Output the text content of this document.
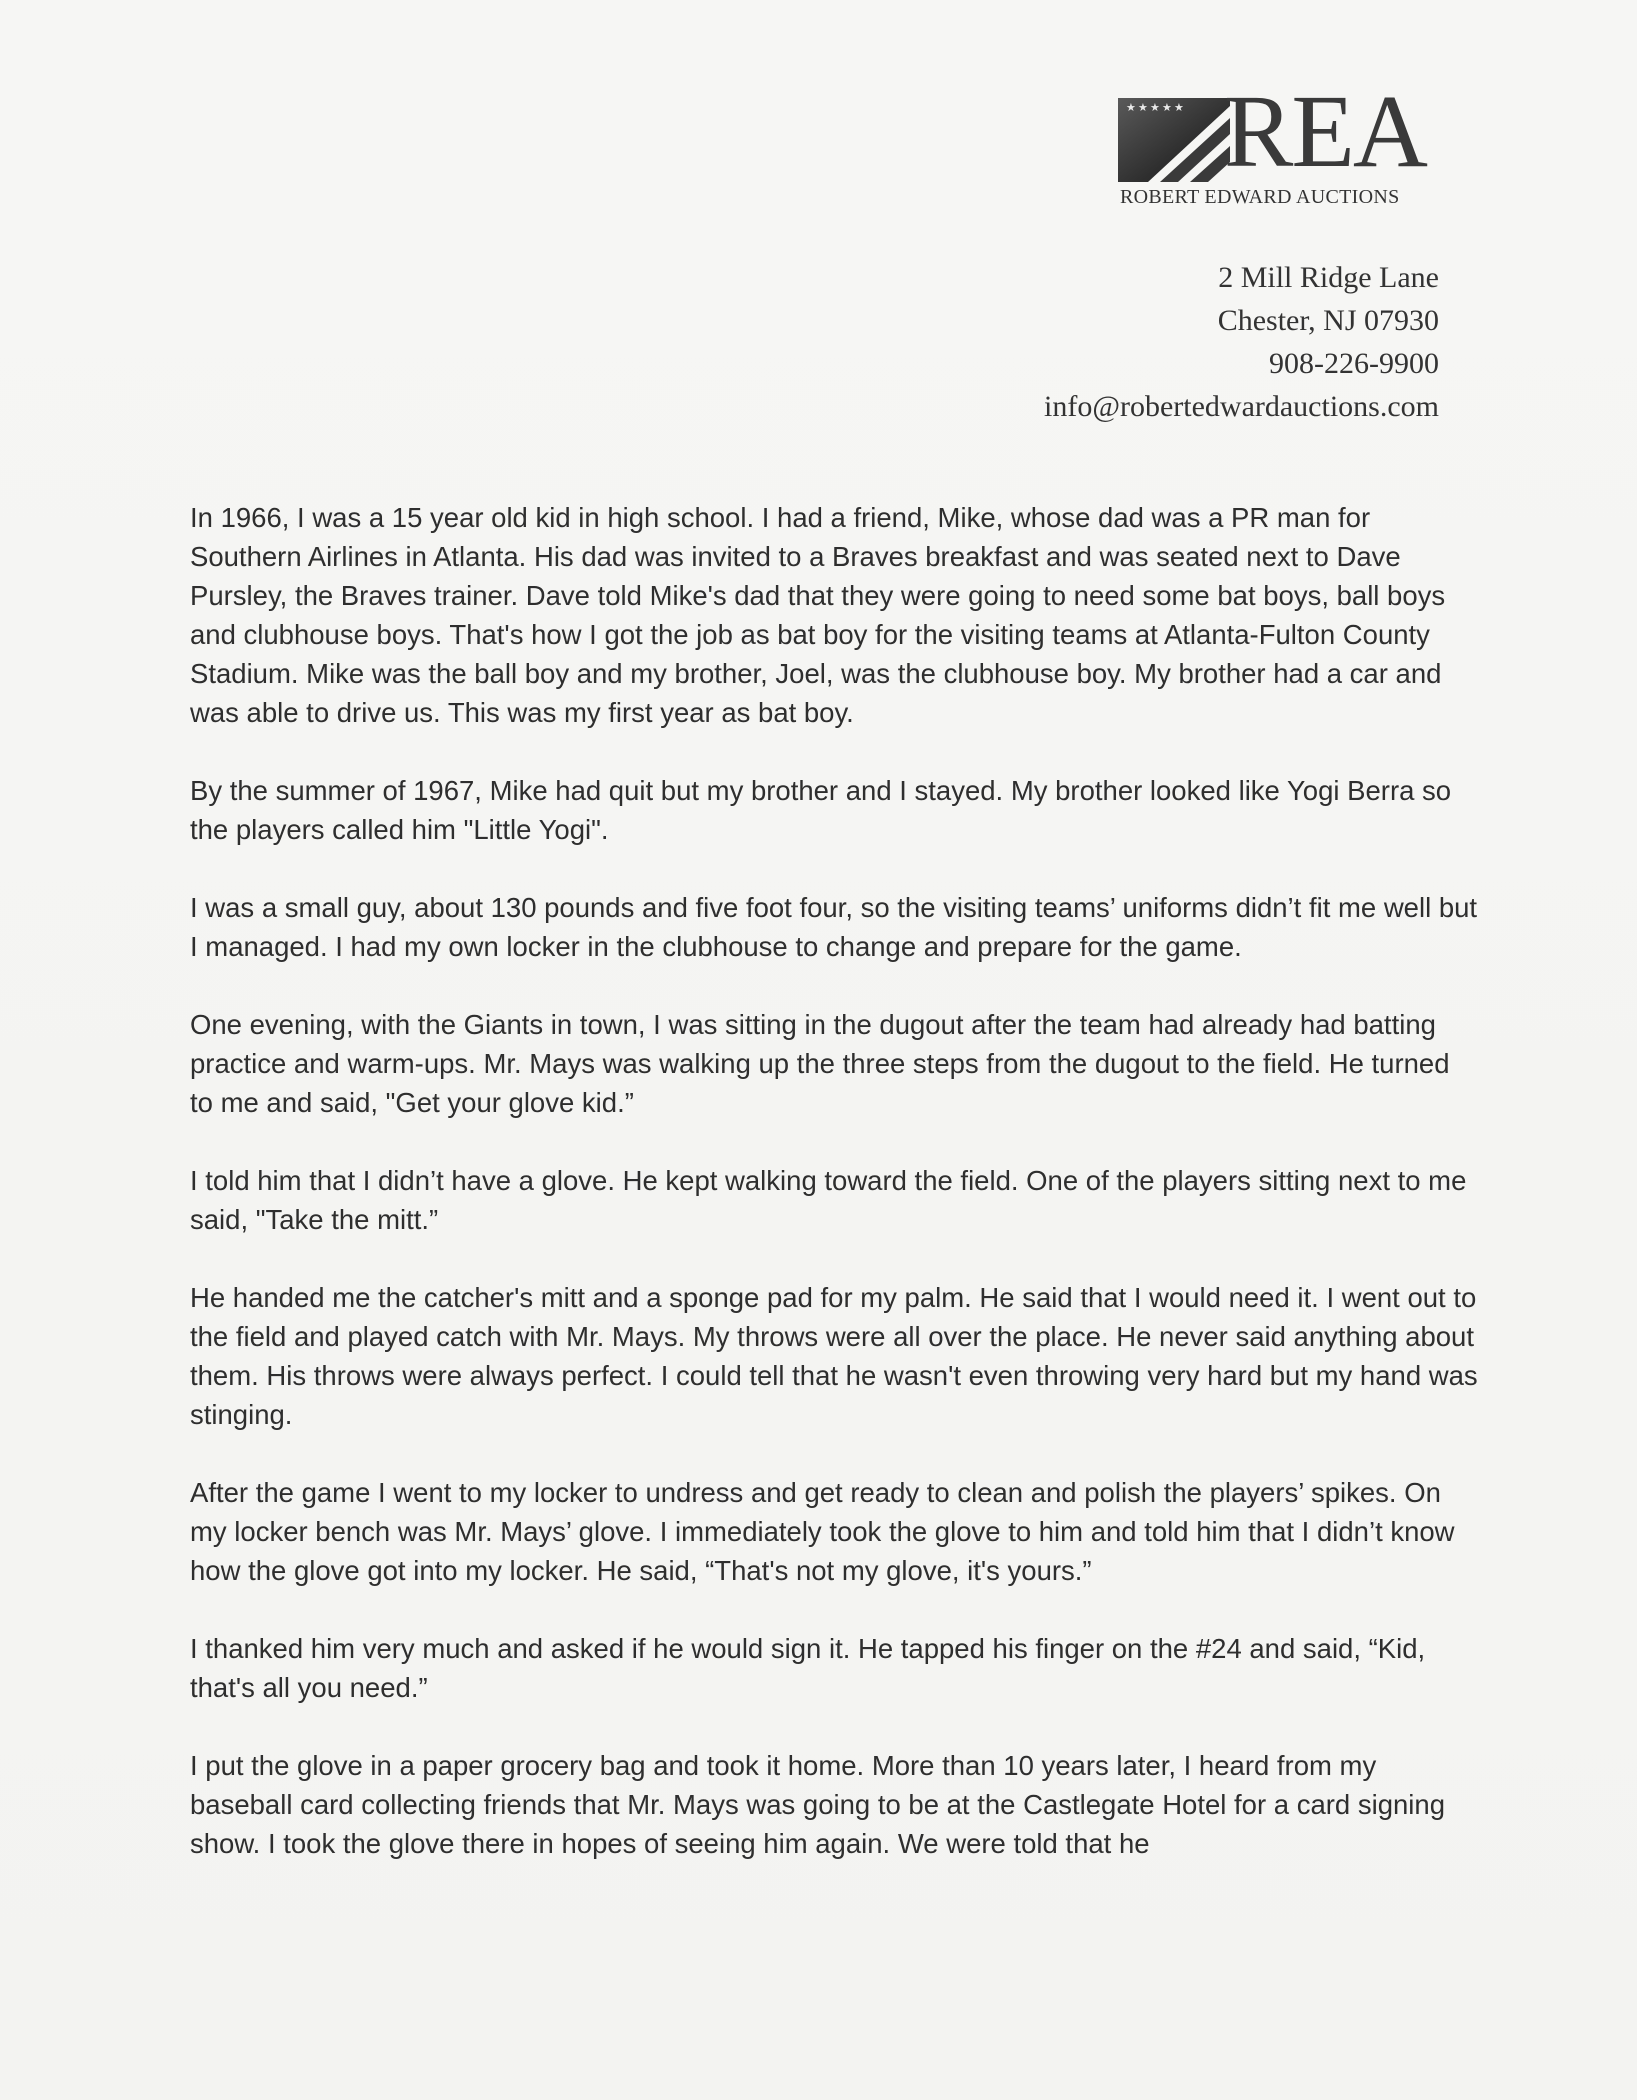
★ ★ ★ ★ ★ REA
ROBERT EDWARD AUCTIONS
2 Mill Ridge Lane
Chester, NJ 07930
908-226-9900
info@robertedwardauctions.com

In 1966, I was a 15 year old kid in high school. I had a friend, Mike, whose dad was a PR man for Southern Airlines in Atlanta. His dad was invited to a Braves breakfast and was seated next to Dave Pursley, the Braves trainer. Dave told Mike's dad that they were going to need some bat boys, ball boys and clubhouse boys. That's how I got the job as bat boy for the visiting teams at Atlanta-Fulton County Stadium. Mike was the ball boy and my brother, Joel, was the clubhouse boy. My brother had a car and was able to drive us. This was my first year as bat boy.

By the summer of 1967, Mike had quit but my brother and I stayed. My brother looked like Yogi Berra so the players called him "Little Yogi".

I was a small guy, about 130 pounds and five foot four, so the visiting teams’ uniforms didn’t fit me well but I managed. I had my own locker in the clubhouse to change and prepare for the game.

One evening, with the Giants in town, I was sitting in the dugout after the team had already had batting practice and warm-ups. Mr. Mays was walking up the three steps from the dugout to the field. He turned to me and said, "Get your glove kid.”

I told him that I didn’t have a glove. He kept walking toward the field. One of the players sitting next to me said, "Take the mitt.”

He handed me the catcher's mitt and a sponge pad for my palm. He said that I would need it. I went out to the field and played catch with Mr. Mays. My throws were all over the place. He never said anything about them. His throws were always perfect. I could tell that he wasn't even throwing very hard but my hand was stinging.

After the game I went to my locker to undress and get ready to clean and polish the players’ spikes. On my locker bench was Mr. Mays’ glove. I immediately took the glove to him and told him that I didn’t know how the glove got into my locker. He said, “That's not my glove, it's yours.”

I thanked him very much and asked if he would sign it. He tapped his finger on the #24 and said, “Kid, that's all you need.”

I put the glove in a paper grocery bag and took it home. More than 10 years later, I heard from my baseball card collecting friends that Mr. Mays was going to be at the Castlegate Hotel for a card signing show. I took the glove there in hopes of seeing him again. We were told that he
